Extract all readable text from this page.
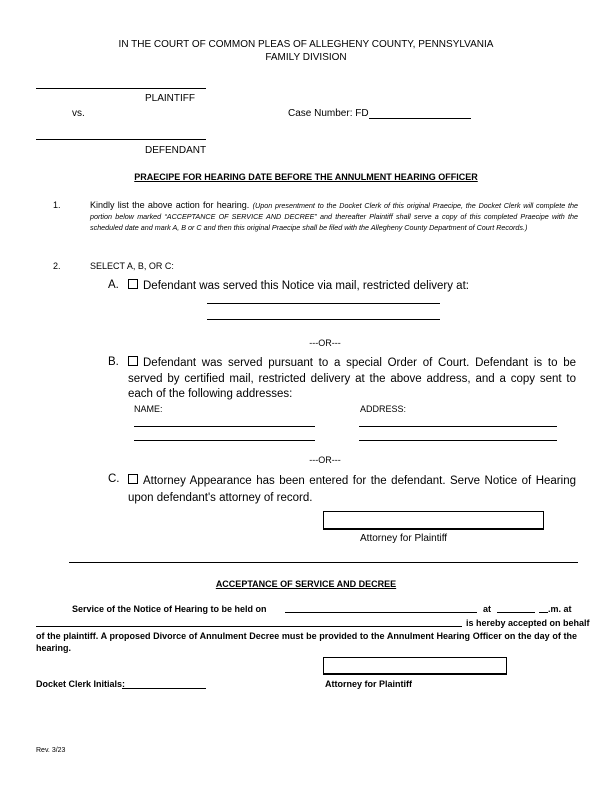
IN THE COURT OF COMMON PLEAS OF ALLEGHENY COUNTY, PENNSYLVANIA
FAMILY DIVISION
PLAINTIFF
vs.	Case Number: FD
DEFENDANT
PRAECIPE FOR HEARING DATE BEFORE THE ANNULMENT HEARING OFFICER
1.	Kindly list the above action for hearing. (Upon presentment to the Docket Clerk of this original Praecipe, the Docket Clerk will complete the portion below marked “ACCEPTANCE OF SERVICE AND DECREE” and thereafter Plaintiff shall serve a copy of this completed Praecipe with the scheduled date and mark A, B or C and then this original Praecipe shall be filed with the Allegheny County Department of Court Records.)
2.	SELECT A, B, OR C:
A.	Defendant was served this Notice via mail, restricted delivery at:
---OR---
B.	Defendant was served pursuant to a special Order of Court. Defendant is to be served by certified mail, restricted delivery at the above address, and a copy sent to each of the following addresses:
NAME:	ADDRESS:
---OR---
C.	Attorney Appearance has been entered for the defendant. Serve Notice of Hearing upon defendant's attorney of record.
Attorney for Plaintiff
ACCEPTANCE OF SERVICE AND DECREE
Service of the Notice of Hearing to be held on	at	.m. at
is hereby accepted on behalf
of the plaintiff. A proposed Divorce of Annulment Decree must be provided to the Annulment Hearing Officer on the day of the hearing.
Docket Clerk Initials:	Attorney for Plaintiff
Rev. 3/23
